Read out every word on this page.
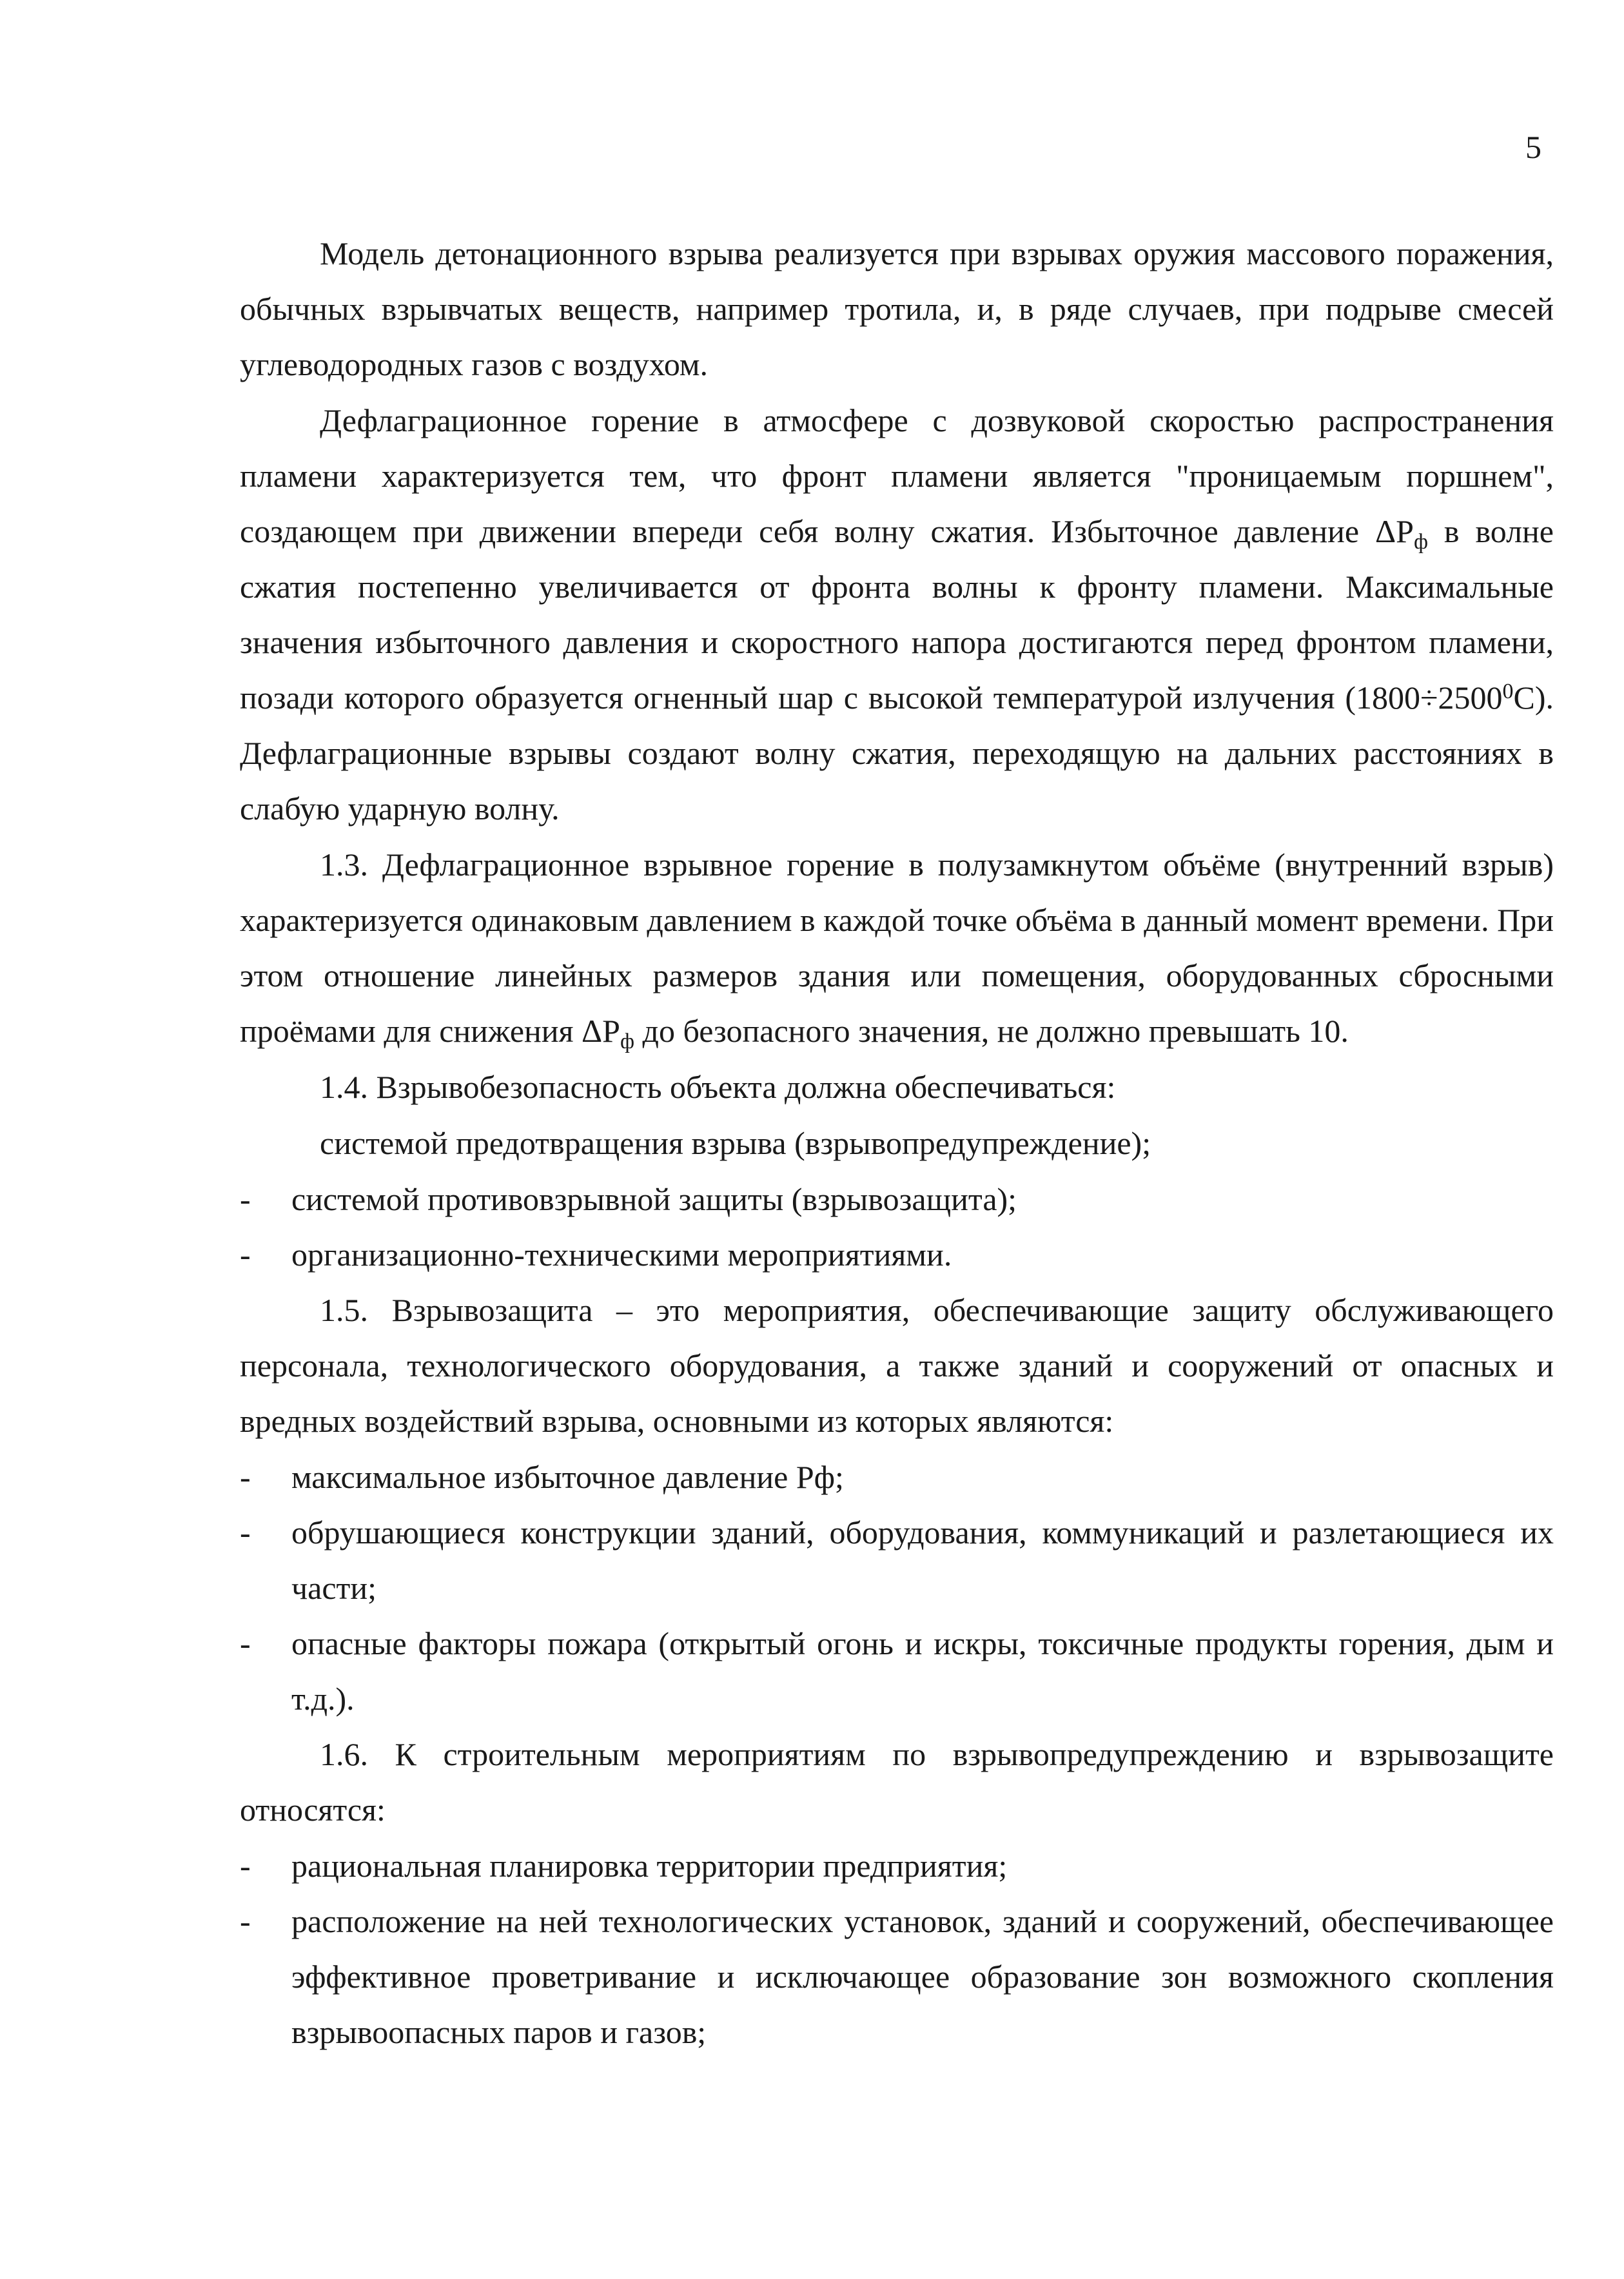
5

Модель детонационного взрыва реализуется при взрывах оружия массового поражения, обычных взрывчатых веществ, например тротила, и, в ряде случаев, при подрыве смесей углеводородных газов с воздухом.

Дефлаграционное горение в атмосфере с дозвуковой скоростью распространения пламени характеризуется тем, что фронт пламени является "проницаемым поршнем", создающем при движении впереди себя волну сжатия. Избыточное давление $\Delta P_ф$ в волне сжатия постепенно увеличивается от фронта волны к фронту пламени. Максимальные значения избыточного давления и скоростного напора достигаются перед фронтом пламени, позади которого образуется огненный шар с высокой температурой излучения $(1800\div 2500^0C)$. Дефлаграционные взрывы создают волну сжатия, переходящую на дальних расстояниях в слабую ударную волну.

1.3. Дефлаграционное взрывное горение в полузамкнутом объёме (внутренний взрыв) характеризуется одинаковым давлением в каждой точке объёма в данный момент времени. При этом отношение линейных размеров здания или помещения, оборудованных сбросными проёмами для снижения $\Delta P_ф$ до безопасного значения, не должно превышать 10.

1.4. Взрывобезопасность объекта должна обеспечиваться:

системой предотвращения взрыва (взрывопредупреждение);

- системой противовзрывной защиты (взрывозащита);
- организационно-техническими мероприятиями.

1.5. Взрывозащита – это мероприятия, обеспечивающие защиту обслуживающего персонала, технологического оборудования, а также зданий и сооружений от опасных и вредных воздействий взрыва, основными из которых являются:

- максимальное избыточное давление Рф;
- обрушающиеся конструкции зданий, оборудования, коммуникаций и разлетающиеся их части;
- опасные факторы пожара (открытый огонь и искры, токсичные продукты горения, дым и т.д.).

1.6. К строительным мероприятиям по взрывопредупреждению и взрывозащите относятся:

- рациональная планировка территории предприятия;
- расположение на ней технологических установок, зданий и сооружений, обеспечивающее эффективное проветривание и исключающее образование зон возможного скопления взрывоопасных паров и газов;
